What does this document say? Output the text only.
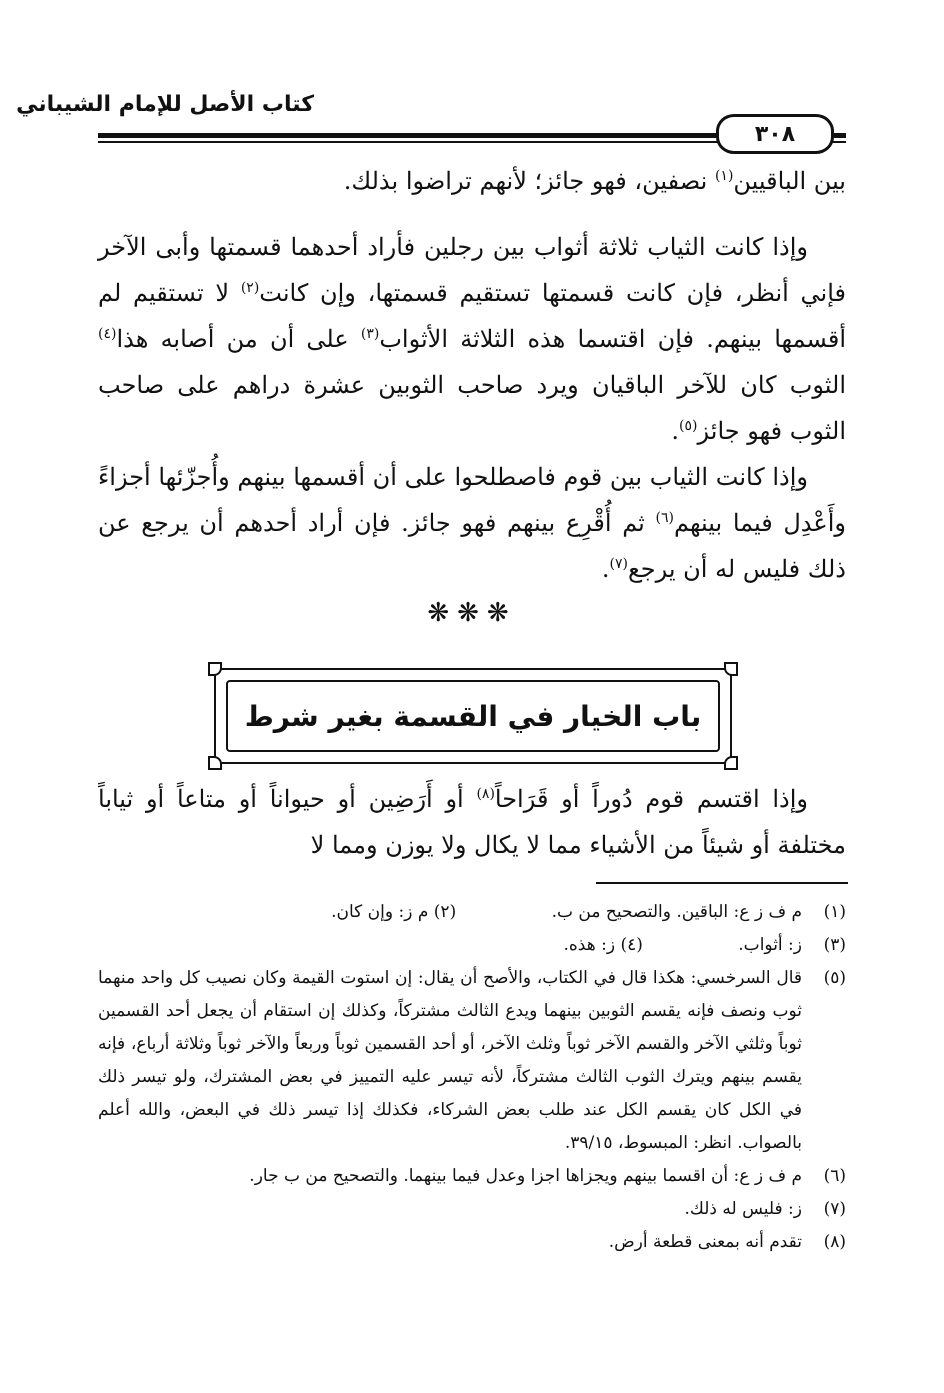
كتاب الأصل للإمام الشيباني
٣٠٨
بين الباقيين$^{(١)}$ نصفين، فهو جائز؛ لأنهم تراضوا بذلك.
وإذا كانت الثياب ثلاثة أثواب بين رجلين فأراد أحدهما قسمتها وأبى الآخر فإني أنظر، فإن كانت قسمتها تستقيم قسمتها، وإن كانت$^{(٢)}$ لا تستقيم لم أقسمها بينهم. فإن اقتسما هذه الثلاثة الأثواب$^{(٣)}$ على أن من أصابه هذا$^{(٤)}$ الثوب كان للآخر الباقيان ويرد صاحب الثوبين عشرة دراهم على صاحب الثوب فهو جائز$^{(٥)}$.
وإذا كانت الثياب بين قوم فاصطلحوا على أن أقسمها بينهم وأُجزّئها أجزاءً وأَعْدِل فيما بينهم$^{(٦)}$ ثم أُقْرِع بينهم فهو جائز. فإن أراد أحدهم أن يرجع عن ذلك فليس له أن يرجع$^{(٧)}$.
❋❋❋
باب الخيار في القسمة بغير شرط
وإذا اقتسم قوم دُوراً أو قَرَاحاً$^{(٨)}$ أو أَرَضِين أو حيواناً أو متاعاً أو ثياباً مختلفة أو شيئاً من الأشياء مما لا يكال ولا يوزن ومما لا
(١)
م ف ز ع: الباقين. والتصحيح من ب. (٢) م ز: وإن كان.
(٣)
ز: أثواب. (٤) ز: هذه.
(٥)
قال السرخسي: هكذا قال في الكتاب، والأصح أن يقال: إن استوت القيمة وكان نصيب كل واحد منهما ثوب ونصف فإنه يقسم الثوبين بينهما ويدع الثالث مشتركاً، وكذلك إن استقام أن يجعل أحد القسمين ثوباً وثلثي الآخر والقسم الآخر ثوباً وثلث الآخر، أو أحد القسمين ثوباً وربعاً والآخر ثوباً وثلاثة أرباع، فإنه يقسم بينهم ويترك الثوب الثالث مشتركاً، لأنه تيسر عليه التمييز في بعض المشترك، ولو تيسر ذلك في الكل كان يقسم الكل عند طلب بعض الشركاء، فكذلك إذا تيسر ذلك في البعض، والله أعلم بالصواب. انظر: المبسوط، ٣٩/١٥.
(٦)
م ف ز ع: أن اقسما بينهم ويجزاها اجزا وعدل فيما بينهما. والتصحيح من ب جار.
(٧)
ز: فليس له ذلك.
(٨)
تقدم أنه بمعنى قطعة أرض.
